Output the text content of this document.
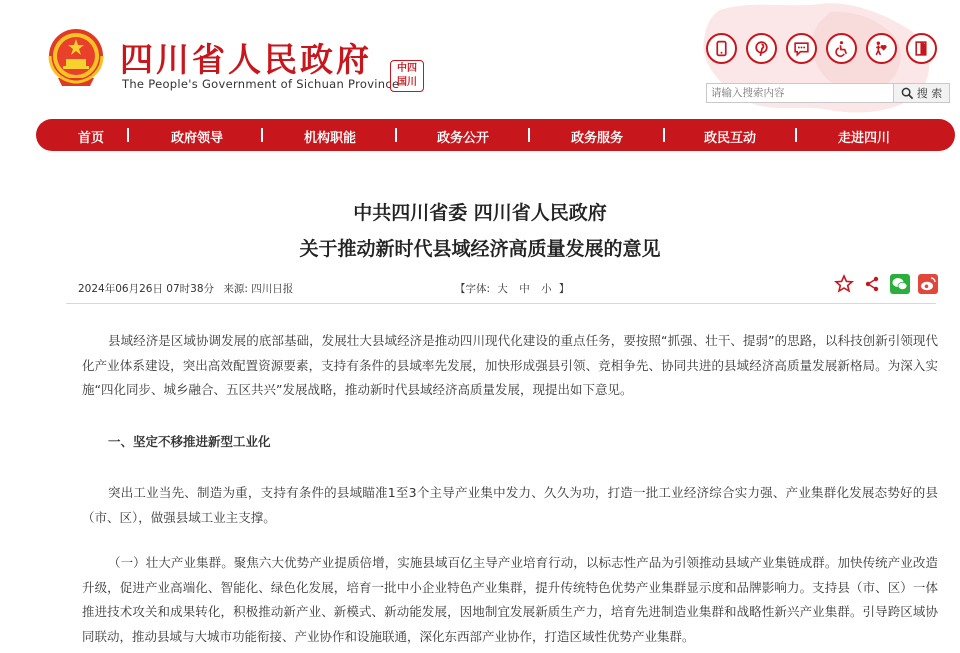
四川省人民政府
The People's Government of Sichuan Province
中四
国川
请输入搜索内容
搜 索
首页	政府领导	机构职能	政务公开	政务服务	政民互动	走进四川
中共四川省委 四川省人民政府
关于推动新时代县域经济高质量发展的意见
2024年06月26日 07时38分 来源: 四川日报	【字体: 大 中 小 】

县域经济是区域协调发展的底部基础，发展壮大县域经济是推动四川现代化建设的重点任务，要按照“抓强、壮干、提弱”的思路，以科技创新引领现代化产业体系建设，突出高效配置资源要素，支持有条件的县域率先发展，加快形成强县引领、竞相争先、协同共进的县域经济高质量发展新格局。为深入实施“四化同步、城乡融合、五区共兴”发展战略，推动新时代县域经济高质量发展，现提出如下意见。

一、坚定不移推进新型工业化

突出工业当先、制造为重，支持有条件的县域瞄准1至3个主导产业集中发力、久久为功，打造一批工业经济综合实力强、产业集群化发展态势好的县（市、区），做强县域工业主支撑。

（一）壮大产业集群。聚焦六大优势产业提质倍增，实施县域百亿主导产业培育行动，以标志性产品为引领推动县域产业集链成群。加快传统产业改造升级，促进产业高端化、智能化、绿色化发展，培育一批中小企业特色产业集群，提升传统特色优势产业集群显示度和品牌影响力。支持县（市、区）一体推进技术攻关和成果转化，积极推动新产业、新模式、新动能发展，因地制宜发展新质生产力，培育先进制造业集群和战略性新兴产业集群。引导跨区域协同联动，推动县域与大城市功能衔接、产业协作和设施联通，深化东西部产业协作，打造区域性优势产业集群。
